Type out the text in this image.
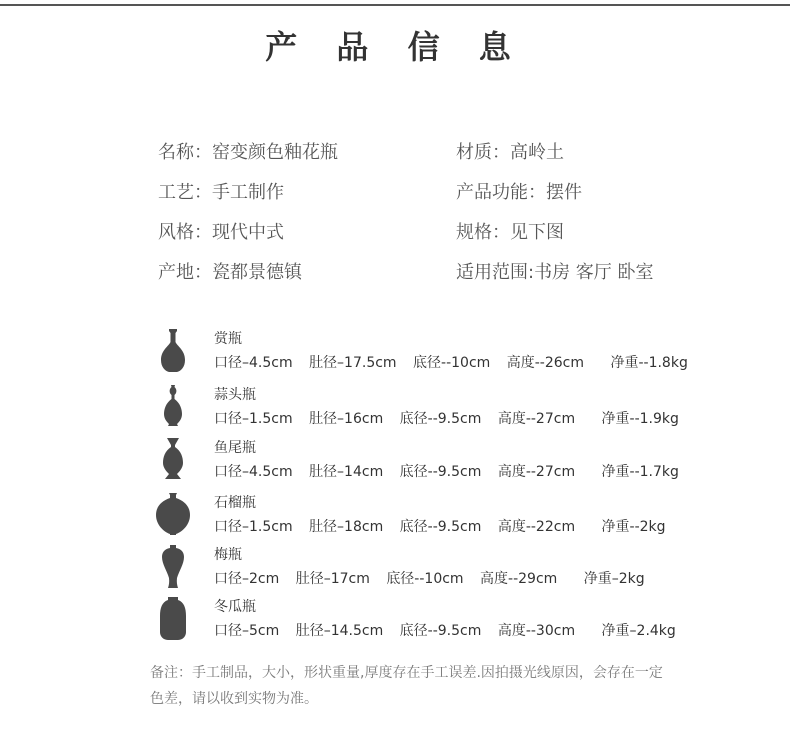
产 品 信 息
名称：窑变颜色釉花瓶	材质：高岭土
工艺：手工制作	产品功能：摆件
风格：现代中式	规格：见下图
产地：瓷都景德镇	适用范围:书房 客厅 卧室
赏瓶
口径–4.5cm 肚径–17.5cm 底径--10cm 高度--26cm 净重--1.8kg
蒜头瓶
口径–1.5cm 肚径–16cm 底径--9.5cm 高度--27cm 净重--1.9kg
鱼尾瓶
口径–4.5cm 肚径–14cm 底径--9.5cm 高度--27cm 净重--1.7kg
石榴瓶
口径–1.5cm 肚径–18cm 底径--9.5cm 高度--22cm 净重--2kg
梅瓶
口径–2cm 肚径–17cm 底径--10cm 高度--29cm 净重–2kg
冬瓜瓶
口径–5cm 肚径–14.5cm 底径--9.5cm 高度--30cm 净重–2.4kg
备注：手工制品，大小，形状重量,厚度存在手工误差.因拍摄光线原因，会存在一定色差，请以收到实物为准。
